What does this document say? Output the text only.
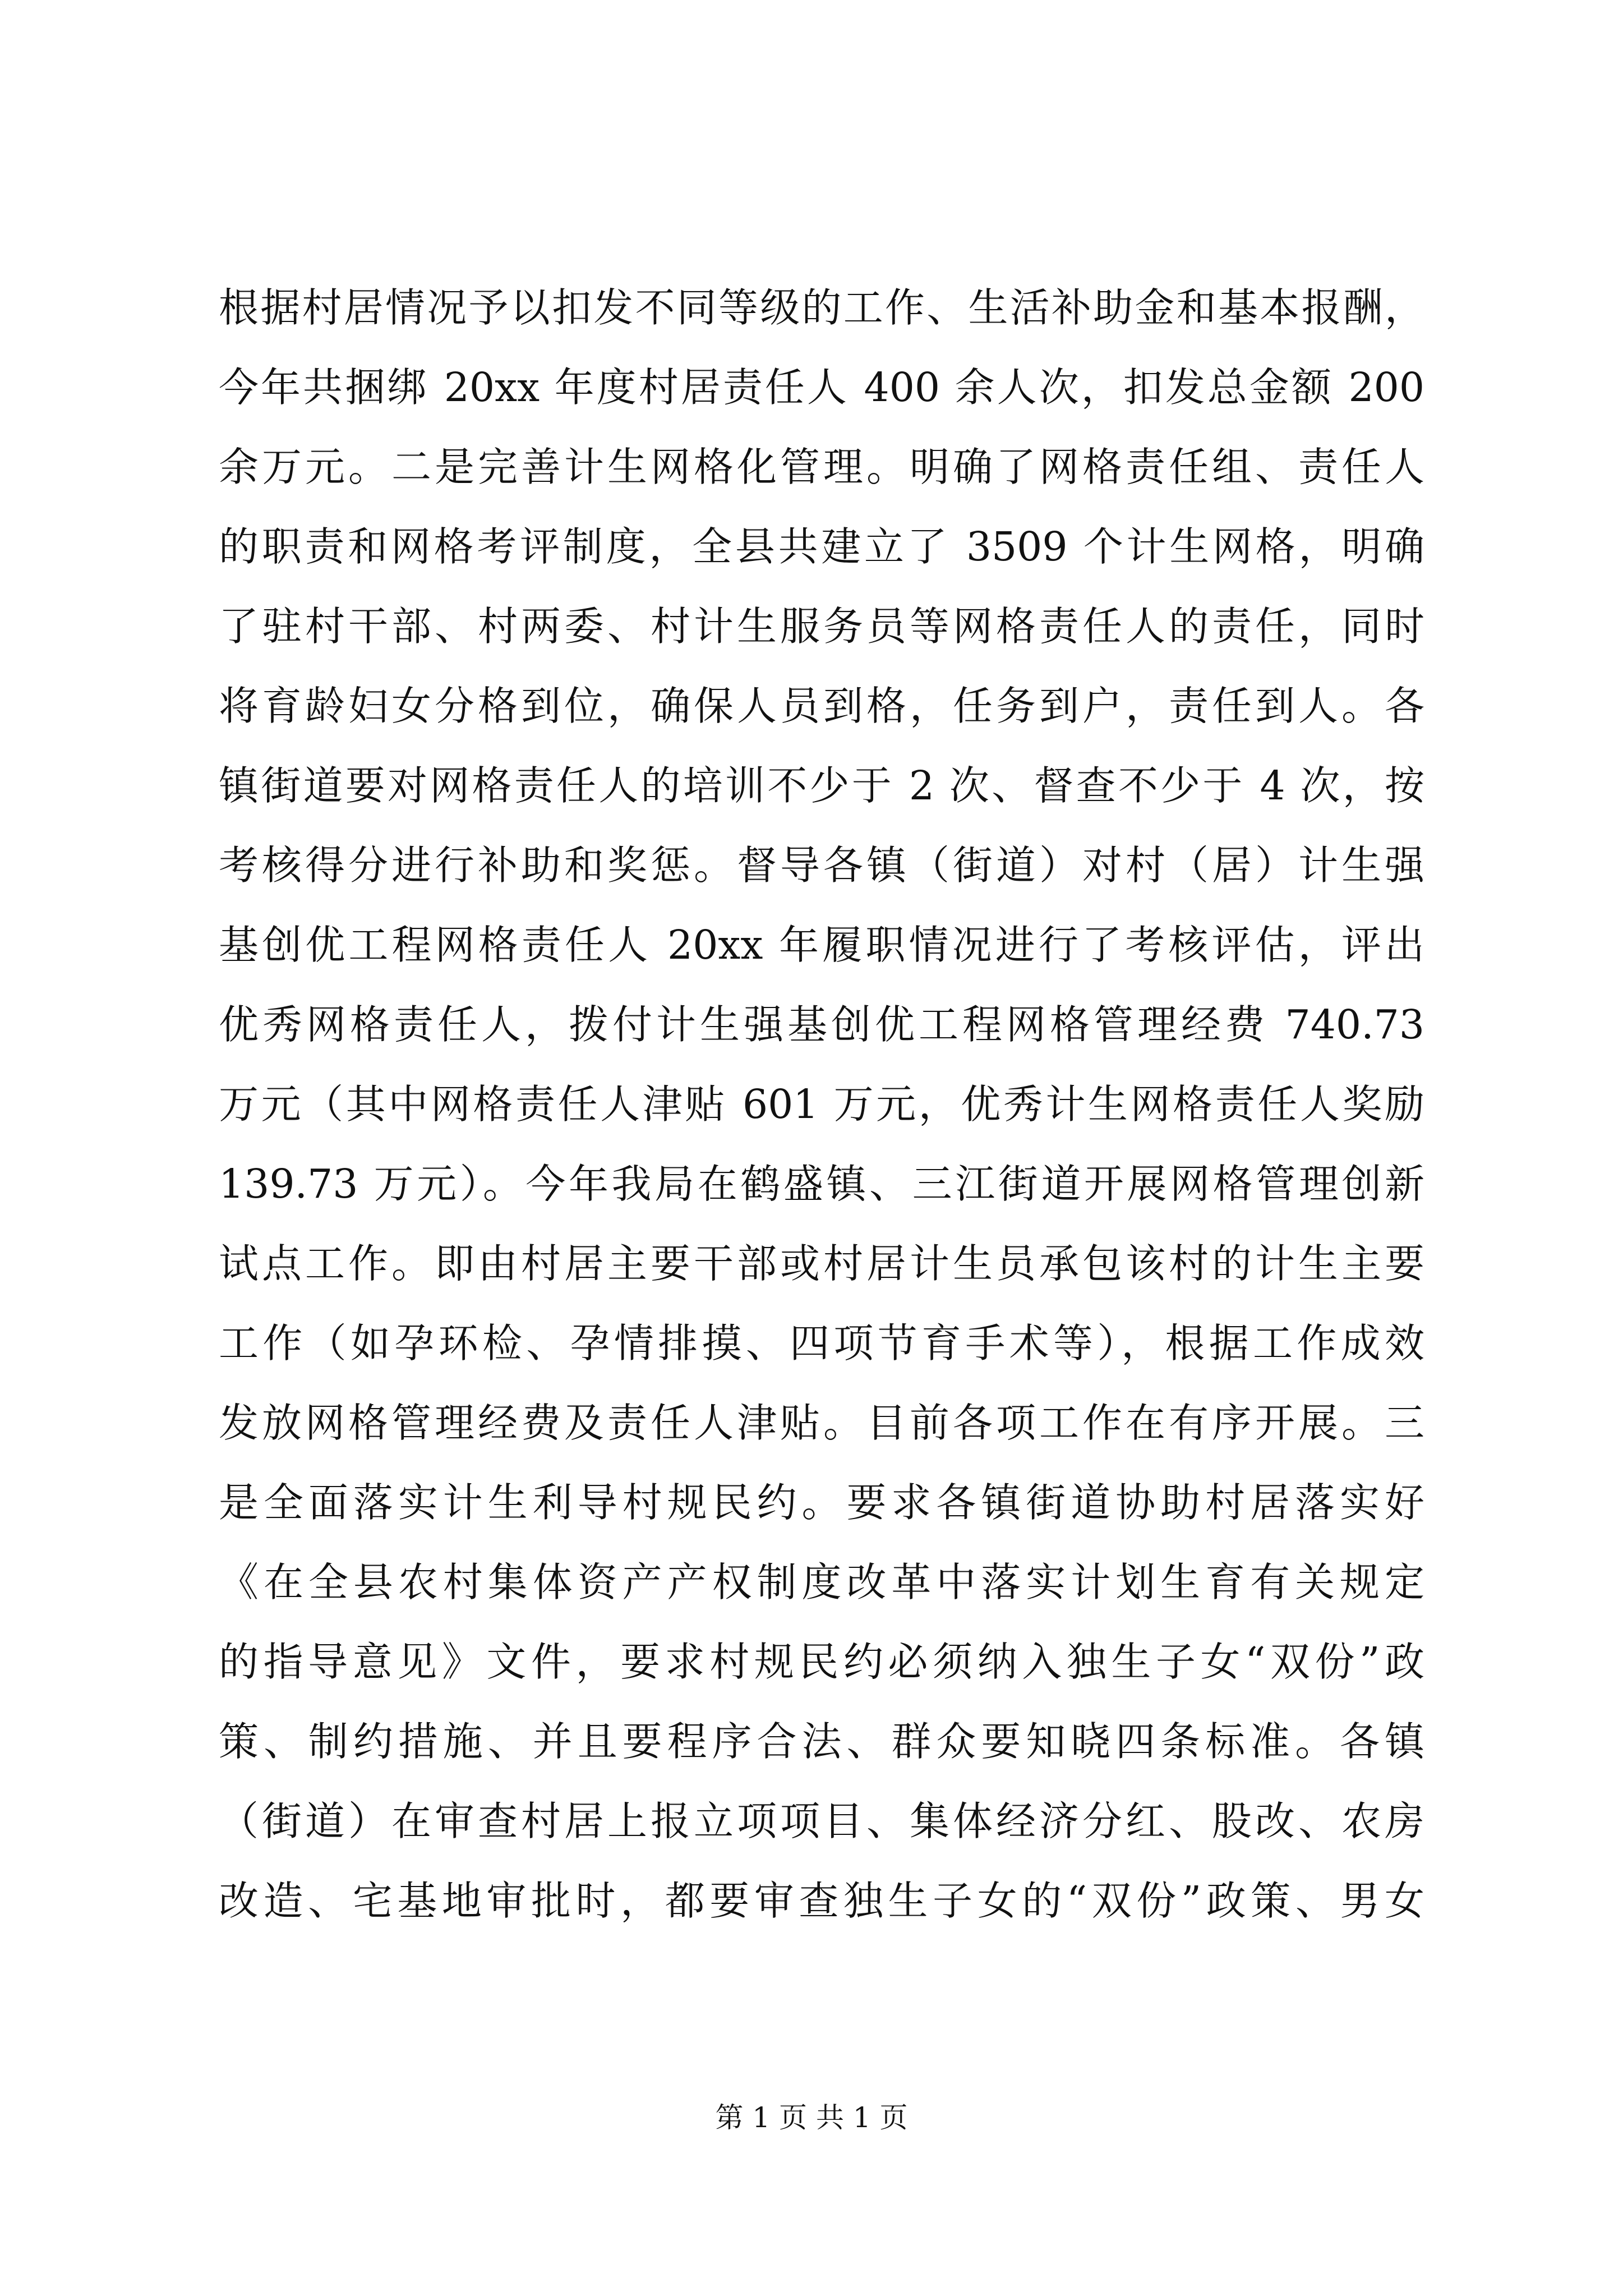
根据村居情况予以扣发不同等级的工作、生活补助金和基本报酬，
今年共捆绑 20xx 年度村居责任人 400 余人次，扣发总金额 200
余万元。二是完善计生网格化管理。明确了网格责任组、责任人
的职责和网格考评制度，全县共建立了 3509 个计生网格，明确
了驻村干部、村两委、村计生服务员等网格责任人的责任，同时
将育龄妇女分格到位，确保人员到格，任务到户，责任到人。各
镇街道要对网格责任人的培训不少于 2 次、督查不少于 4 次，按
考核得分进行补助和奖惩。督导各镇（街道）对村（居）计生强
基创优工程网格责任人 20xx 年履职情况进行了考核评估，评出
优秀网格责任人，拨付计生强基创优工程网格管理经费 740.73
万元（其中网格责任人津贴 601 万元，优秀计生网格责任人奖励
139.73 万元）。今年我局在鹤盛镇、三江街道开展网格管理创新
试点工作。即由村居主要干部或村居计生员承包该村的计生主要
工作（如孕环检、孕情排摸、四项节育手术等），根据工作成效
发放网格管理经费及责任人津贴。目前各项工作在有序开展。三
是全面落实计生利导村规民约。要求各镇街道协助村居落实好
《在全县农村集体资产产权制度改革中落实计划生育有关规定
的指导意见》文件，要求村规民约必须纳入独生子女“双份”政
策、制约措施、并且要程序合法、群众要知晓四条标准。各镇
（街道）在审查村居上报立项项目、集体经济分红、股改、农房
改造、宅基地审批时，都要审查独生子女的“双份”政策、男女
第 1 页 共 1 页
